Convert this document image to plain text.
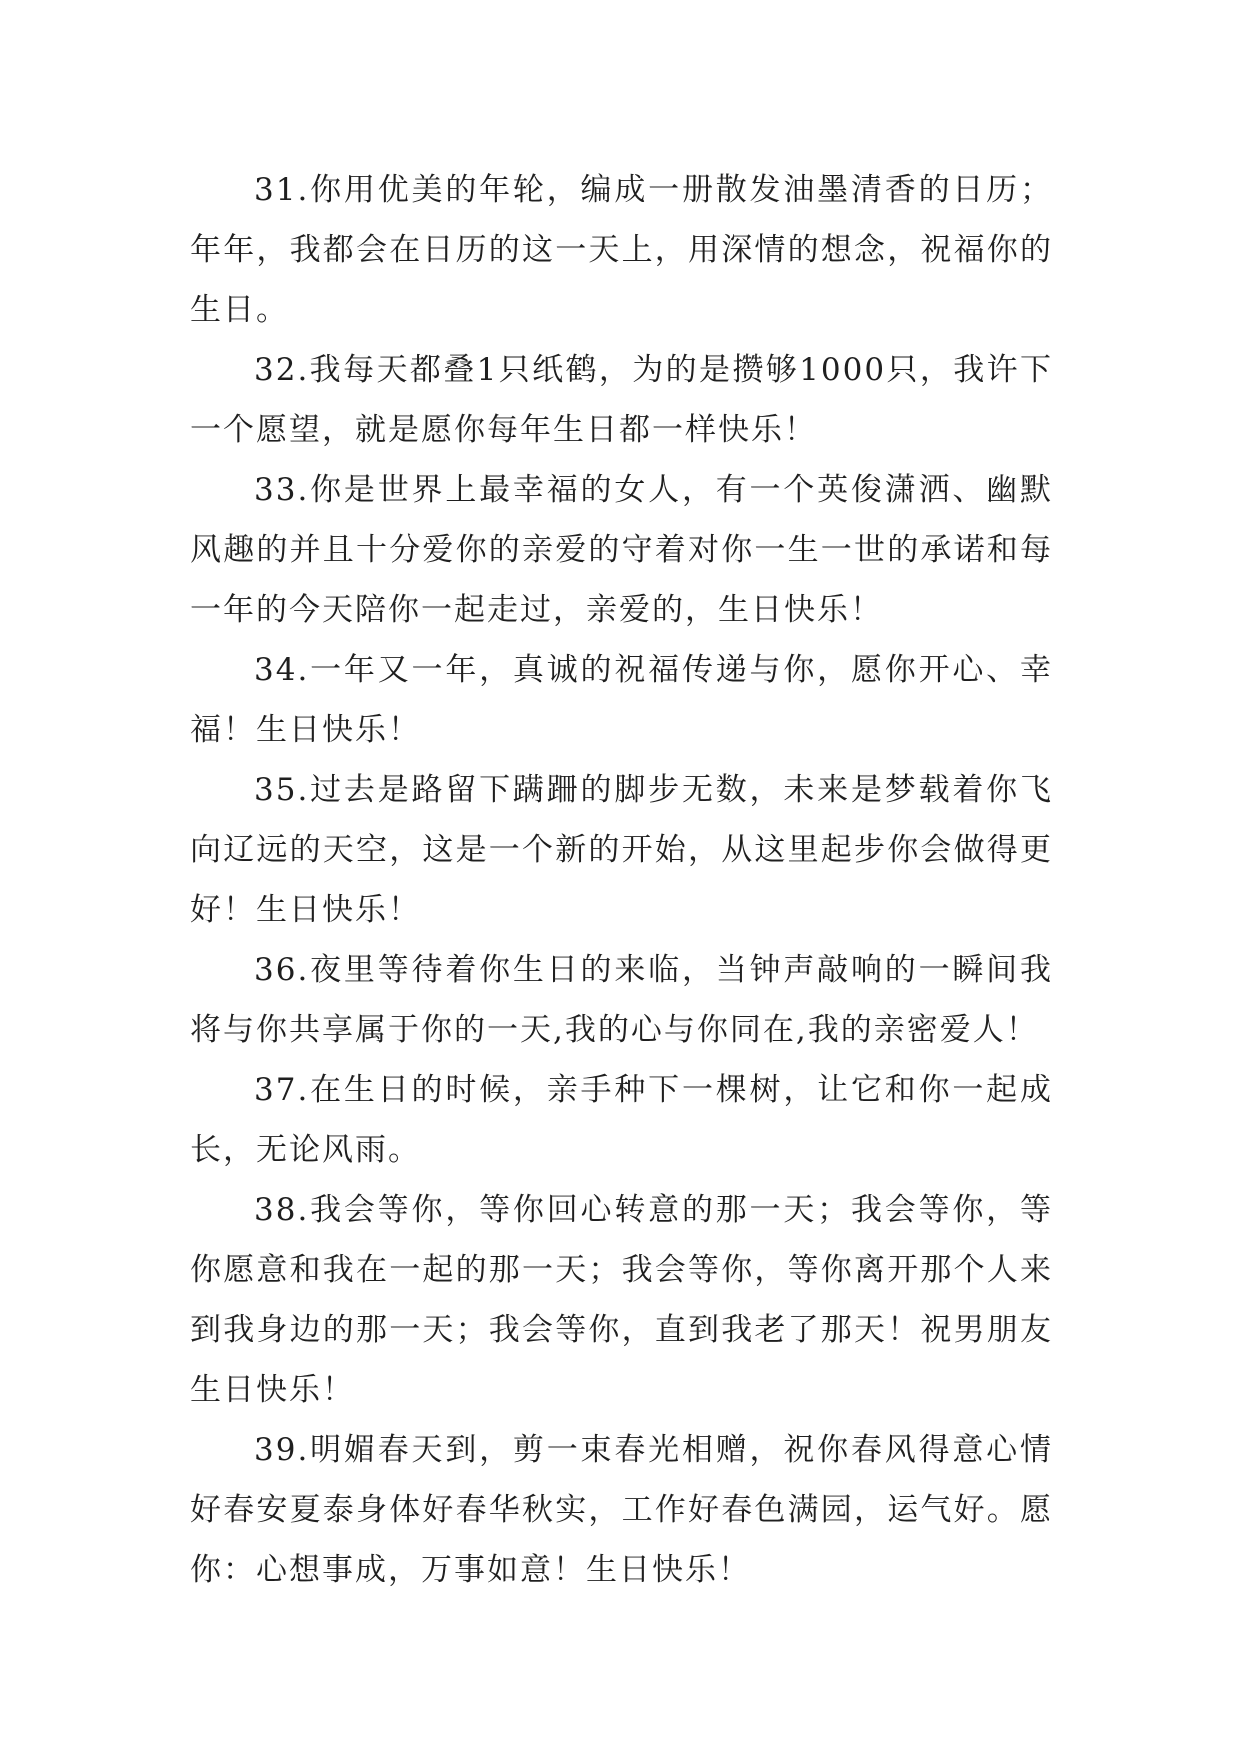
31.你用优美的年轮，编成一册散发油墨清香的日历；年年，我都会在日历的这一天上，用深情的想念，祝福你的生日。

32.我每天都叠1只纸鹤，为的是攒够1000只，我许下一个愿望，就是愿你每年生日都一样快乐！

33.你是世界上最幸福的女人，有一个英俊潇洒、幽默风趣的并且十分爱你的亲爱的守着对你一生一世的承诺和每一年的今天陪你一起走过，亲爱的，生日快乐！

34.一年又一年，真诚的祝福传递与你，愿你开心、幸福！生日快乐！

35.过去是路留下蹒跚的脚步无数，未来是梦载着你飞向辽远的天空，这是一个新的开始，从这里起步你会做得更好！生日快乐！

36.夜里等待着你生日的来临，当钟声敲响的一瞬间我将与你共享属于你的一天,我的心与你同在,我的亲密爱人！

37.在生日的时候，亲手种下一棵树，让它和你一起成长，无论风雨。

38.我会等你，等你回心转意的那一天；我会等你，等你愿意和我在一起的那一天；我会等你，等你离开那个人来到我身边的那一天；我会等你，直到我老了那天！祝男朋友生日快乐！

39.明媚春天到，剪一束春光相赠，祝你春风得意心情好春安夏泰身体好春华秋实，工作好春色满园，运气好。愿你：心想事成，万事如意！生日快乐！
